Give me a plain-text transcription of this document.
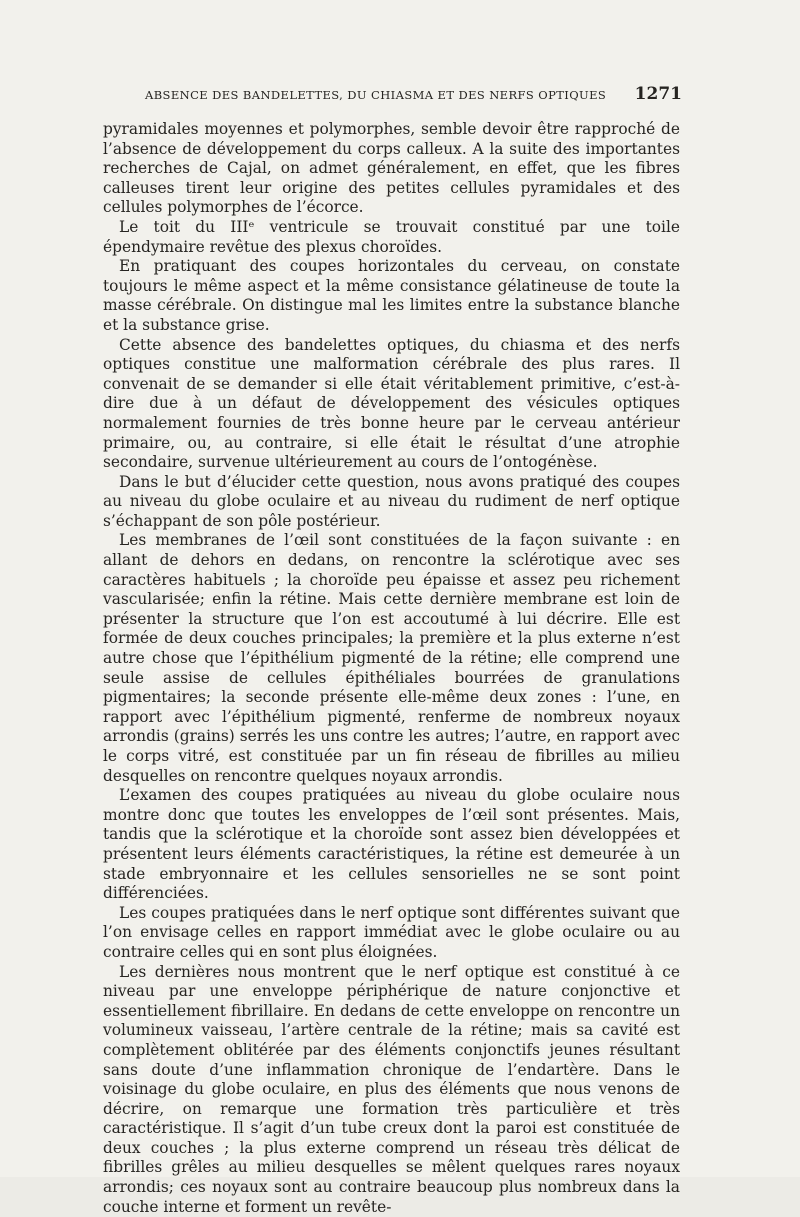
ABSENCE DES BANDELETTES, DU CHIASMA ET DES NERFS OPTIQUES 1271

pyramidales moyennes et polymorphes, semble devoir être rapproché de l’absence de développement du corps calleux. A la suite des importantes recherches de Cajal, on admet généralement, en effet, que les fibres calleuses tirent leur origine des petites cellules pyramidales et des cellules polymorphes de l’écorce.

Le toit du IIIᵉ ventricule se trouvait constitué par une toile épendymaire revêtue des plexus choroïdes.

En pratiquant des coupes horizontales du cerveau, on constate toujours le même aspect et la même consistance gélatineuse de toute la masse cérébrale. On distingue mal les limites entre la substance blanche et la substance grise.

Cette absence des bandelettes optiques, du chiasma et des nerfs optiques constitue une malformation cérébrale des plus rares. Il convenait de se demander si elle était véritablement primitive, c’est-à-dire due à un défaut de développement des vésicules optiques normalement fournies de très bonne heure par le cerveau antérieur primaire, ou, au contraire, si elle était le résultat d’une atrophie secondaire, survenue ultérieurement au cours de l’ontogénèse.

Dans le but d’élucider cette question, nous avons pratiqué des coupes au niveau du globe oculaire et au niveau du rudiment de nerf optique s’échappant de son pôle postérieur.

Les membranes de l’œil sont constituées de la façon suivante : en allant de dehors en dedans, on rencontre la sclérotique avec ses caractères habituels ; la choroïde peu épaisse et assez peu richement vascularisée; enfin la rétine. Mais cette dernière membrane est loin de présenter la structure que l’on est accoutumé à lui décrire. Elle est formée de deux couches principales; la première et la plus externe n’est autre chose que l’épithélium pigmenté de la rétine; elle comprend une seule assise de cellules épithéliales bourrées de granulations pigmentaires; la seconde présente elle-même deux zones : l’une, en rapport avec l’épithélium pigmenté, renferme de nombreux noyaux arrondis (grains) serrés les uns contre les autres; l’autre, en rapport avec le corps vitré, est constituée par un fin réseau de fibrilles au milieu desquelles on rencontre quelques noyaux arrondis.

L’examen des coupes pratiquées au niveau du globe oculaire nous montre donc que toutes les enveloppes de l’œil sont présentes. Mais, tandis que la sclérotique et la choroïde sont assez bien développées et présentent leurs éléments caractéristiques, la rétine est demeurée à un stade embryonnaire et les cellules sensorielles ne se sont point différenciées.

Les coupes pratiquées dans le nerf optique sont différentes suivant que l’on envisage celles en rapport immédiat avec le globe oculaire ou au contraire celles qui en sont plus éloignées.

Les dernières nous montrent que le nerf optique est constitué à ce niveau par une enveloppe périphérique de nature conjonctive et essentiellement fibrillaire. En dedans de cette enveloppe on rencontre un volumineux vaisseau, l’artère centrale de la rétine; mais sa cavité est complètement oblitérée par des éléments conjonctifs jeunes résultant sans doute d’une inflammation chronique de l’endartère. Dans le voisinage du globe oculaire, en plus des éléments que nous venons de décrire, on remarque une formation très particulière et très caractéristique. Il s’agit d’un tube creux dont la paroi est constituée de deux couches ; la plus externe comprend un réseau très délicat de fibrilles grêles au milieu desquelles se mêlent quelques rares noyaux arrondis; ces noyaux sont au contraire beaucoup plus nombreux dans la couche interne et forment un revête-
